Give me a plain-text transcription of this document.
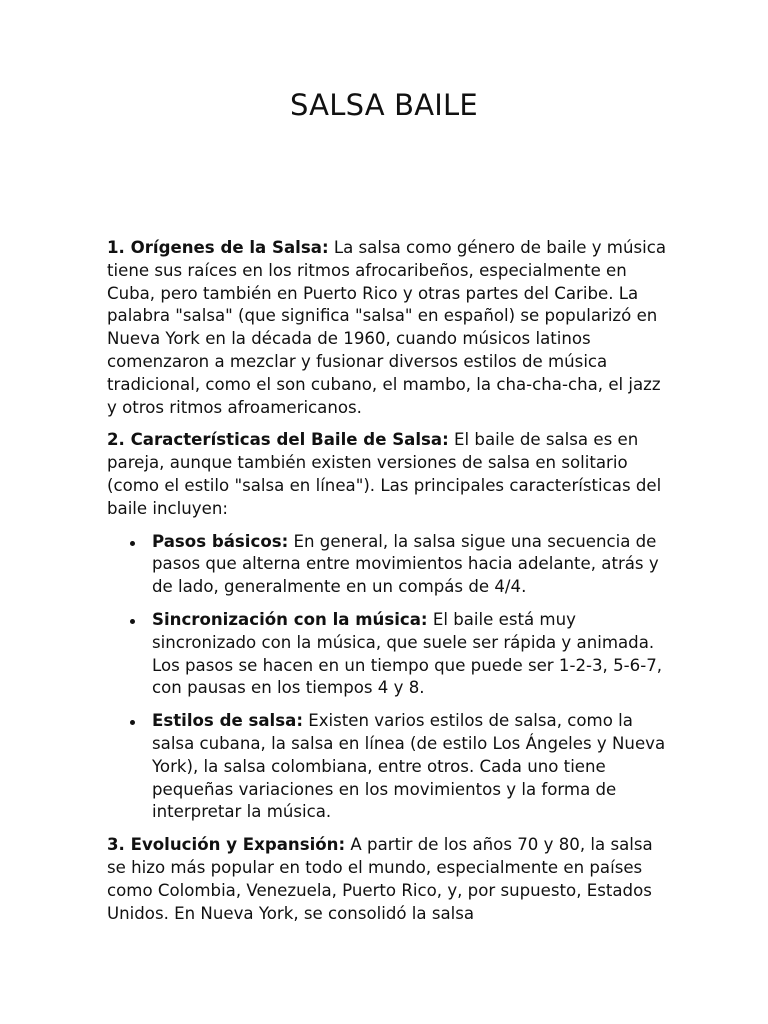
SALSA BAILE

1. Orígenes de la Salsa: La salsa como género de baile y música tiene sus raíces en los ritmos afrocaribeños, especialmente en Cuba, pero también en Puerto Rico y otras partes del Caribe. La palabra "salsa" (que significa "salsa" en español) se popularizó en Nueva York en la década de 1960, cuando músicos latinos comenzaron a mezclar y fusionar diversos estilos de música tradicional, como el son cubano, el mambo, la cha-cha-cha, el jazz y otros ritmos afroamericanos.

2. Características del Baile de Salsa: El baile de salsa es en pareja, aunque también existen versiones de salsa en solitario (como el estilo "salsa en línea"). Las principales características del baile incluyen:

Pasos básicos: En general, la salsa sigue una secuencia de pasos que alterna entre movimientos hacia adelante, atrás y de lado, generalmente en un compás de 4/4.
Sincronización con la música: El baile está muy sincronizado con la música, que suele ser rápida y animada. Los pasos se hacen en un tiempo que puede ser 1-2-3, 5-6-7, con pausas en los tiempos 4 y 8.
Estilos de salsa: Existen varios estilos de salsa, como la salsa cubana, la salsa en línea (de estilo Los Ángeles y Nueva York), la salsa colombiana, entre otros. Cada uno tiene pequeñas variaciones en los movimientos y la forma de interpretar la música.

3. Evolución y Expansión: A partir de los años 70 y 80, la salsa se hizo más popular en todo el mundo, especialmente en países como Colombia, Venezuela, Puerto Rico, y, por supuesto, Estados Unidos. En Nueva York, se consolidó la salsa
